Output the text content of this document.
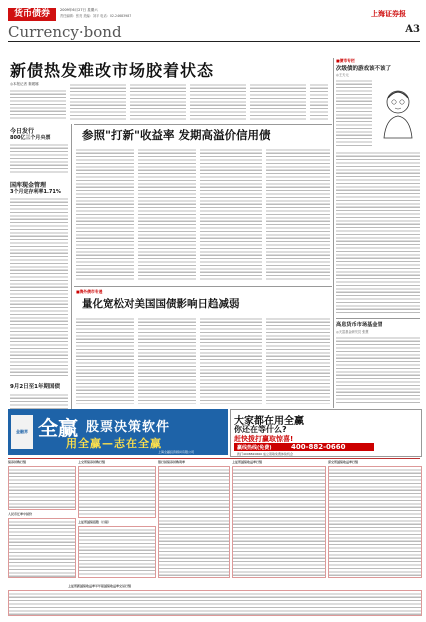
货币债券	2009年6月27日 星期六
责任编辑：张亮 美编：刘平 电话：02-24683987
Currency·bond
上海证券报
A3
新债热发难改市场胶着状态
◎本报记者 秦媛娜
今日发行
800亿三个月央票
国库现金管理
3个月定存利率1.71%
9月2日至1年期国债
参照"打新"收益率 发期高溢价信用债
■海外债市专递
量化宽松对美国国债影响日趋减弱
■债市专栏
次级债的游戏该不该了
◎王天元
高息货币市场基金冒
◎天富基金研究员 张慧
金融界 全赢 股票决策软件
用全赢—志在全赢
上海全赢投资顾问有限公司
大家都在用全赢
你还在等什么?
赶快拨打赢取惊喜!
赢线热线(免费)	400-882-0660
拨打4008820660 成立领取免费体验机会
债券回购行情
人民币汇率中间价
上交所债券回购行情
上证所国债指数（日报）
银行间债券回购利率	上证所国债收益率行情	深交所国债收益率行情
上证所新国债收益率半年报国债收益率交易行情
